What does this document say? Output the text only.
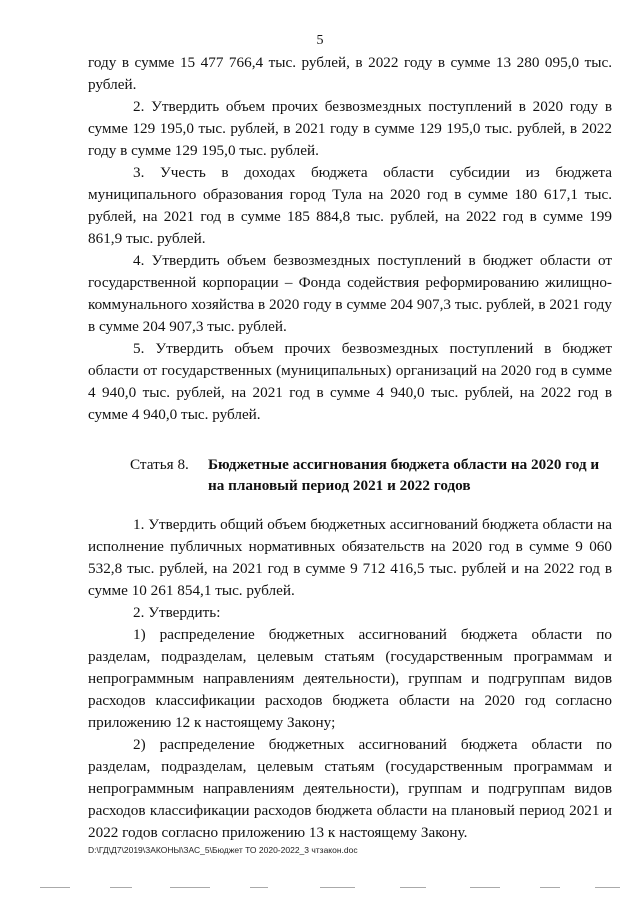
5

году в сумме 15 477 766,4 тыс. рублей, в 2022 году в сумме 13 280 095,0 тыс. рублей.

2. Утвердить объем прочих безвозмездных поступлений в 2020 году в сумме 129 195,0 тыс. рублей, в 2021 году в сумме 129 195,0 тыс. рублей, в 2022 году в сумме 129 195,0 тыс. рублей.

3. Учесть в доходах бюджета области субсидии из бюджета муниципального образования город Тула на 2020 год в сумме 180 617,1 тыс. рублей, на 2021 год в сумме 185 884,8 тыс. рублей, на 2022 год в сумме 199 861,9 тыс. рублей.

4. Утвердить объем безвозмездных поступлений в бюджет области от государственной корпорации – Фонда содействия реформированию жилищно-коммунального хозяйства в 2020 году в сумме 204 907,3 тыс. рублей, в 2021 году в сумме 204 907,3 тыс. рублей.

5. Утвердить объем прочих безвозмездных поступлений в бюджет области от государственных (муниципальных) организаций на 2020 год в сумме 4 940,0 тыс. рублей, на 2021 год в сумме 4 940,0 тыс. рублей, на 2022 год в сумме 4 940,0 тыс. рублей.

Статья 8.	Бюджетные ассигнования бюджета области на 2020 год и на плановый период 2021 и 2022 годов

1. Утвердить общий объем бюджетных ассигнований бюджета области на исполнение публичных нормативных обязательств на 2020 год в сумме 9 060 532,8 тыс. рублей, на 2021 год в сумме 9 712 416,5 тыс. рублей и на 2022 год в сумме 10 261 854,1 тыс. рублей.

2. Утвердить:

1) распределение бюджетных ассигнований бюджета области по разделам, подразделам, целевым статьям (государственным программам и непрограммным направлениям деятельности), группам и подгруппам видов расходов классификации расходов бюджета области на 2020 год согласно приложению 12 к настоящему Закону;

2) распределение бюджетных ассигнований бюджета области по разделам, подразделам, целевым статьям (государственным программам и непрограммным направлениям деятельности), группам и подгруппам видов расходов классификации расходов бюджета области на плановый период 2021 и 2022 годов согласно приложению 13 к настоящему Закону.

D:\ГД\Д7\2019\ЗАКОНЫ\ЗАС_5\Бюджет ТО 2020-2022_3 чтзакон.doc
